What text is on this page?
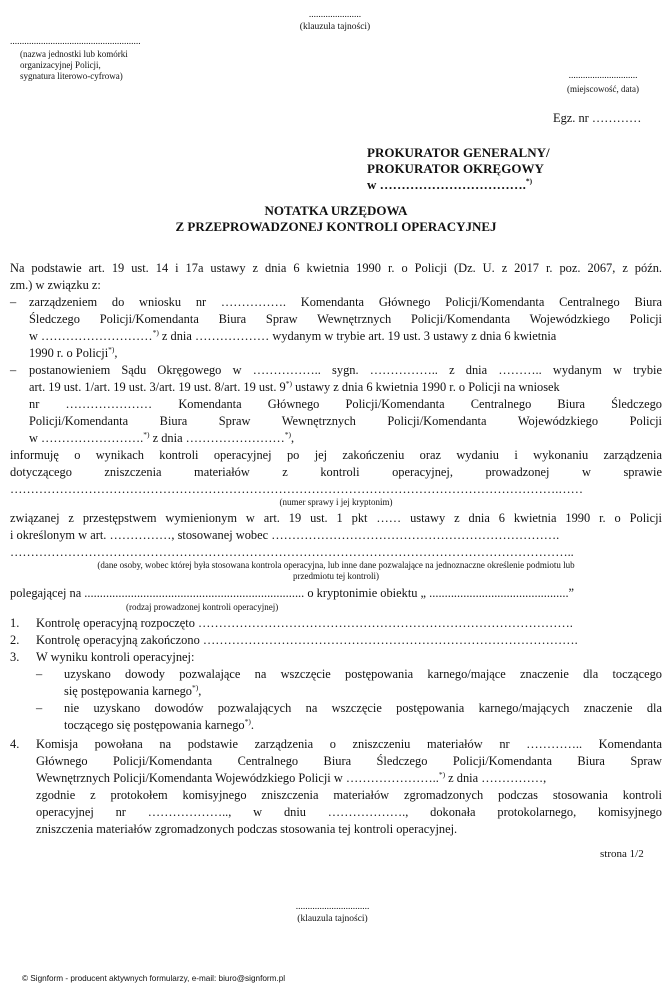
......................
(klauzula tajności)
.......................................................
(nazwa jednostki lub komórki
organizacyjnej Policji,
sygnatura literowo-cyfrowa)	.............................
(miejscowość, data)
Egz. nr …………
PROKURATOR GENERALNY/
PROKURATOR OKRĘGOWY
w …………………………….*)
NOTATKA URZĘDOWA
Z PRZEPROWADZONEJ KONTROLI OPERACYJNEJ
Na podstawie art. 19 ust. 14 i 17a ustawy z dnia 6 kwietnia 1990 r. o Policji (Dz. U. z 2017 r. poz. 2067, z późn.
zm.) w związku z:
– zarządzeniem do wniosku nr ……………. Komendanta Głównego Policji/Komendanta Centralnego Biura
Śledczego Policji/Komendanta Biura Spraw Wewnętrznych Policji/Komendanta Wojewódzkiego Policji
w ………………………*) z dnia ……………… wydanym w trybie art. 19 ust. 3 ustawy z dnia 6 kwietnia
1990 r. o Policji*),
– postanowieniem Sądu Okręgowego w …………….. sygn. …………….. z dnia ……….. wydanym w trybie
art. 19 ust. 1/art. 19 ust. 3/art. 19 ust. 8/art. 19 ust. 9*) ustawy z dnia 6 kwietnia 1990 r. o Policji na wniosek
nr ………………… Komendanta Głównego Policji/Komendanta Centralnego Biura Śledczego
Policji/Komendanta Biura Spraw Wewnętrznych Policji/Komendanta Wojewódzkiego Policji
w …………………….*) z dnia ……………………*),
informuję o wynikach kontroli operacyjnej po jej zakończeniu oraz wydaniu i wykonaniu zarządzenia
dotyczącego zniszczenia materiałów z kontroli operacyjnej, prowadzonej w sprawie
…………………………………………………………………………………………………………………….……
(numer sprawy i jej kryptonim)
związanej z przestępstwem wymienionym w art. 19 ust. 1 pkt …… ustawy z dnia 6 kwietnia 1990 r. o Policji
i określonym w art. ……………, stosowanej wobec …………………………………………………………….
………………………………………………………………………………………………………………………..
(dane osoby, wobec której była stosowana kontrola operacyjna, lub inne dane pozwalające na jednoznaczne określenie podmiotu lub
przedmiotu tej kontroli)
polegającej na ....................................................................... o kryptonimie obiektu „ .............................................”
(rodzaj prowadzonej kontroli operacyjnej)
1. Kontrolę operacyjną rozpoczęto ……………………………………………………………………………….
2. Kontrolę operacyjną zakończono ……………………………………………………………………………….
3. W wyniku kontroli operacyjnej:
– uzyskano dowody pozwalające na wszczęcie postępowania karnego/mające znaczenie dla toczącego
się postępowania karnego*),
– nie uzyskano dowodów pozwalających na wszczęcie postępowania karnego/mających znaczenie dla
toczącego się postępowania karnego*).
4. Komisja powołana na podstawie zarządzenia o zniszczeniu materiałów nr ………….. Komendanta
Głównego Policji/Komendanta Centralnego Biura Śledczego Policji/Komendanta Biura Spraw
Wewnętrznych Policji/Komendanta Wojewódzkiego Policji w …………………..*) z dnia ……………,
zgodnie z protokołem komisyjnego zniszczenia materiałów zgromadzonych podczas stosowania kontroli
operacyjnej nr ……………….., w dniu ………………., dokonała protokolarnego, komisyjnego
zniszczenia materiałów zgromadzonych podczas stosowania tej kontroli operacyjnej.
strona 1/2
...............................
(klauzula tajności)
© Signform - producent aktywnych formularzy, e-mail: biuro@signform.pl
